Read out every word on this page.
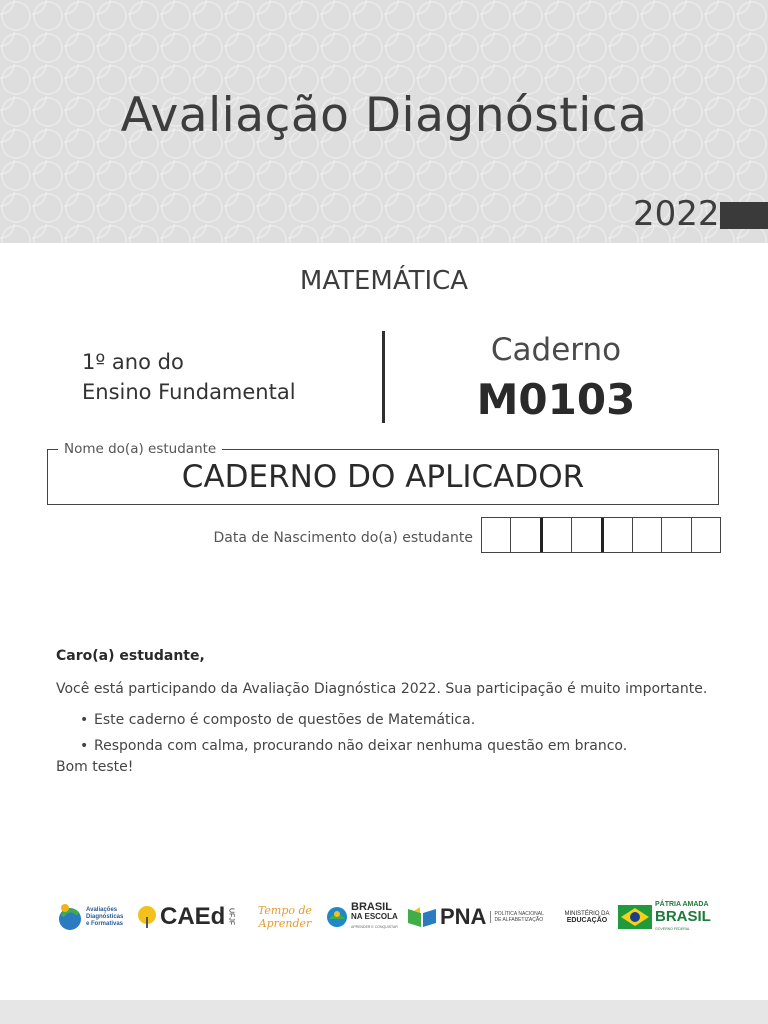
Avaliação Diagnóstica
2022
MATEMÁTICA
1º ano do
Ensino Fundamental
Caderno
M0103
Nome do(a) estudante
CADERNO DO APLICADOR
Data de Nascimento do(a) estudante
Caro(a) estudante,
Você está participando da Avaliação Diagnóstica 2022. Sua participação é muito importante.
• Este caderno é composto de questões de Matemática.
• Responda com calma, procurando não deixar nenhuma questão em branco.
Bom teste!
Avaliações Diagnósticas e Formativas CAEd UFJF Tempo de Aprender
BRASIL
NA ESCOLA
APRENDER E CONQUISTAR PNA	POLÍTICA NACIONAL DE ALFABETIZAÇÃO
MINISTÉRIO DA
EDUCAÇÃO
PÁTRIA AMADA
BRASIL
GOVERNO FEDERAL
